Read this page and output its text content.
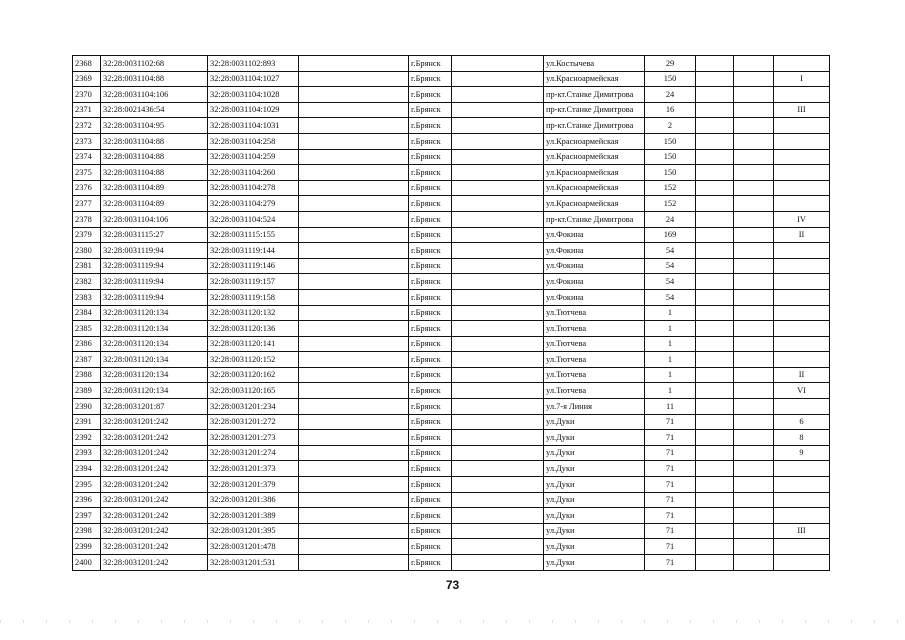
2368	32:28:0031102:68	32:28:0031102:893		г.Брянск		ул.Костычева	29			
2369	32:28:0031104:88	32:28:0031104:1027		г.Брянск		ул.Красноармейская	150			I
2370	32:28:0031104:106	32:28:0031104:1028		г.Брянск		пр-кт.Станке Димитрова	24			
2371	32:28:0021436:54	32:28:0031104:1029		г.Брянск		пр-кт.Станке Димитрова	16			III
2372	32:28:0031104:95	32:28:0031104:1031		г.Брянск		пр-кт.Станке Димитрова	2			
2373	32:28:0031104:88	32:28:0031104:258		г.Брянск		ул.Красноармейская	150			
2374	32:28:0031104:88	32:28:0031104:259		г.Брянск		ул.Красноармейская	150			
2375	32:28:0031104:88	32:28:0031104:260		г.Брянск		ул.Красноармейская	150			
2376	32:28:0031104:89	32:28:0031104:278		г.Брянск		ул.Красноармейская	152			
2377	32:28:0031104:89	32:28:0031104:279		г.Брянск		ул.Красноармейская	152			
2378	32:28:0031104:106	32:28:0031104:524		г.Брянск		пр-кт.Станке Димитрова	24			IV
2379	32:28:0031115:27	32:28:0031115:155		г.Брянск		ул.Фокина	169			II
2380	32:28:0031119:94	32:28:0031119:144		г.Брянск		ул.Фокина	54			
2381	32:28:0031119:94	32:28:0031119:146		г.Брянск		ул.Фокина	54			
2382	32:28:0031119:94	32:28:0031119:157		г.Брянск		ул.Фокина	54			
2383	32:28:0031119:94	32:28:0031119:158		г.Брянск		ул.Фокина	54			
2384	32:28:0031120:134	32:28:0031120:132		г.Брянск		ул.Тютчева	1			
2385	32:28:0031120:134	32:28:0031120:136		г.Брянск		ул.Тютчева	1			
2386	32:28:0031120:134	32:28:0031120:141		г.Брянск		ул.Тютчева	1			
2387	32:28:0031120:134	32:28:0031120:152		г.Брянск		ул.Тютчева	1			
2388	32:28:0031120:134	32:28:0031120:162		г.Брянск		ул.Тютчева	1			II
2389	32:28:0031120:134	32:28:0031120:165		г.Брянск		ул.Тютчева	1			VI
2390	32:28:0031201:87	32:28:0031201:234		г.Брянск		ул.7-я Линия	11			
2391	32:28:0031201:242	32:28:0031201:272		г.Брянск		ул.Дуки	71			6
2392	32:28:0031201:242	32:28:0031201:273		г.Брянск		ул.Дуки	71			8
2393	32:28:0031201:242	32:28:0031201:274		г.Брянск		ул.Дуки	71			9
2394	32:28:0031201:242	32:28:0031201:373		г.Брянск		ул.Дуки	71			
2395	32:28:0031201:242	32:28:0031201:379		г.Брянск		ул.Дуки	71			
2396	32:28:0031201:242	32:28:0031201:386		г.Брянск		ул.Дуки	71			
2397	32:28:0031201:242	32:28:0031201:389		г.Брянск		ул.Дуки	71			
2398	32:28:0031201:242	32:28:0031201:395		г.Брянск		ул.Дуки	71			III
2399	32:28:0031201:242	32:28:0031201:478		г.Брянск		ул.Дуки	71			
2400	32:28:0031201:242	32:28:0031201:531		г.Брянск		ул.Дуки	71			
73
